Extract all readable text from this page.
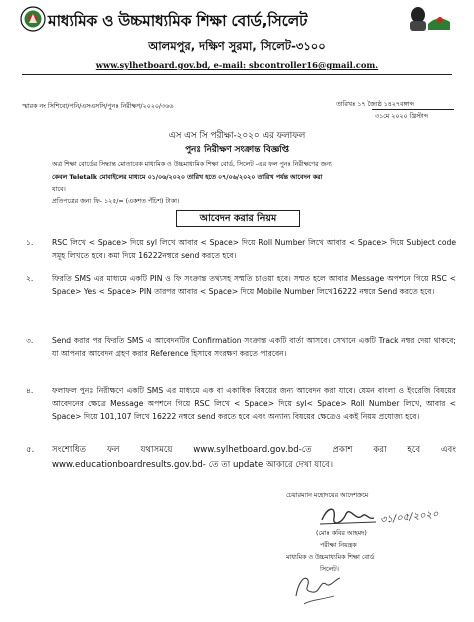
মাধ্যমিক ও উচ্চমাধ্যমিক শিক্ষা বোর্ড,সিলেট
আলমপুর, দক্ষিণ সুরমা, সিলেট-৩১০০
www.sylhetboard.gov.bd, e-mail: sbcontroller16@gmail.com.
স্মারক নং সিশিবো/পনি/এসএসসি/পুনঃ নিরীক্ষণ/২০২০/৩৬৬	তারিখঃ ১৭ জ্যৈষ্ঠ ১৪২৭বঙ্গাব্দ
৩১মে ২০২০ খ্রিস্টাব্দ
এস এস সি পরীক্ষা-২০২০ এর ফলাফল
পুনঃ নিরীক্ষণ সংক্রান্ত বিজ্ঞপ্তি
অত্র শিক্ষা বোর্ডের সিদ্ধান্ত মোতাবেক মাধ্যমিক ও উচ্চমাধ্যমিক শিক্ষা বোর্ড, সিলেট -এর ফল পুনঃ নিরীক্ষণের জন্য
কেবল Teletalk মোবাইলের মাধ্যমে ০১/০৬/২০২০ তারিখ হতে ০৭/০৬/২০২০ তারিখ পর্যন্ত আবেদন করা
যাবে।
প্রতিপত্রের জন্য ফি- ১২৫/= (একশত পঁচিশ) টাকা।
আবেদন করার নিয়ম
১. RSC লিখে < Space> দিয়ে syl লিখে আবার < Space> দিয়ে Roll Number লিখে আবার < Space> দিয়ে Subject code সমূহ লিখতে হবে। কমা দিয়ে 16222নম্বরে send করতে হবে।
২. ফিরতি SMS এর মাধ্যমে একটি PIN ও ফি সংক্রান্ত তথ্যসহ সম্মতি চাওয়া হবে। সম্মত হলে আবার Message অপশনে গিয়ে RSC < Space> Yes < Space> PIN তারপর আবার < Space> দিয়ে Mobile Number লিখে16222 নম্বরে Send করতে হবে।
৩. Send করার পর ফিরতি SMS এ আবেদনটির Confirmation সংক্রান্ত একটি বার্তা আসবে। সেখানে একটি Track নম্বর দেয়া থাকবে; যা আপনার আবেদন গ্রহণ করার Reference হিসাবে সংরক্ষণ করতে পারবেন।
৪. ফলাফল পুনঃ নিরীক্ষণে একটি SMS এর মাধ্যমে এক বা একাধিক বিষয়ের জন্য আবেদন করা যাবে। যেমন বাংলা ও ইংরেজি বিষয়ের আবেদনের ক্ষেত্রে Message অপশনে গিয়ে RSC লিখে < Space> দিয়ে syl< Space> Roll Number লিখে, আবার < Space> দিয়ে 101,107 লিখে 16222 নম্বরে send করতে হবে এবং অন্যান্য বিষয়ের ক্ষেত্রেও একই নিয়ম প্রযোজ্য হবে।
৫. সংশোধিত ফল যথাসময়ে www.sylhetboard.gov.bd-তে প্রকাশ করা হবে এবং www.educationboardresults.gov.bd- তে তা update আকারে দেখা যাবে।
চেয়ারম্যান মহোদয়ের আদেশক্রমে
৩১/০৫/২০২০
(মোঃ কবির আহমদ)
পরীক্ষা নিয়ন্ত্রক
মাধ্যমিক ও উচ্চমাধ্যমিক শিক্ষা বোর্ড
সিলেট।
